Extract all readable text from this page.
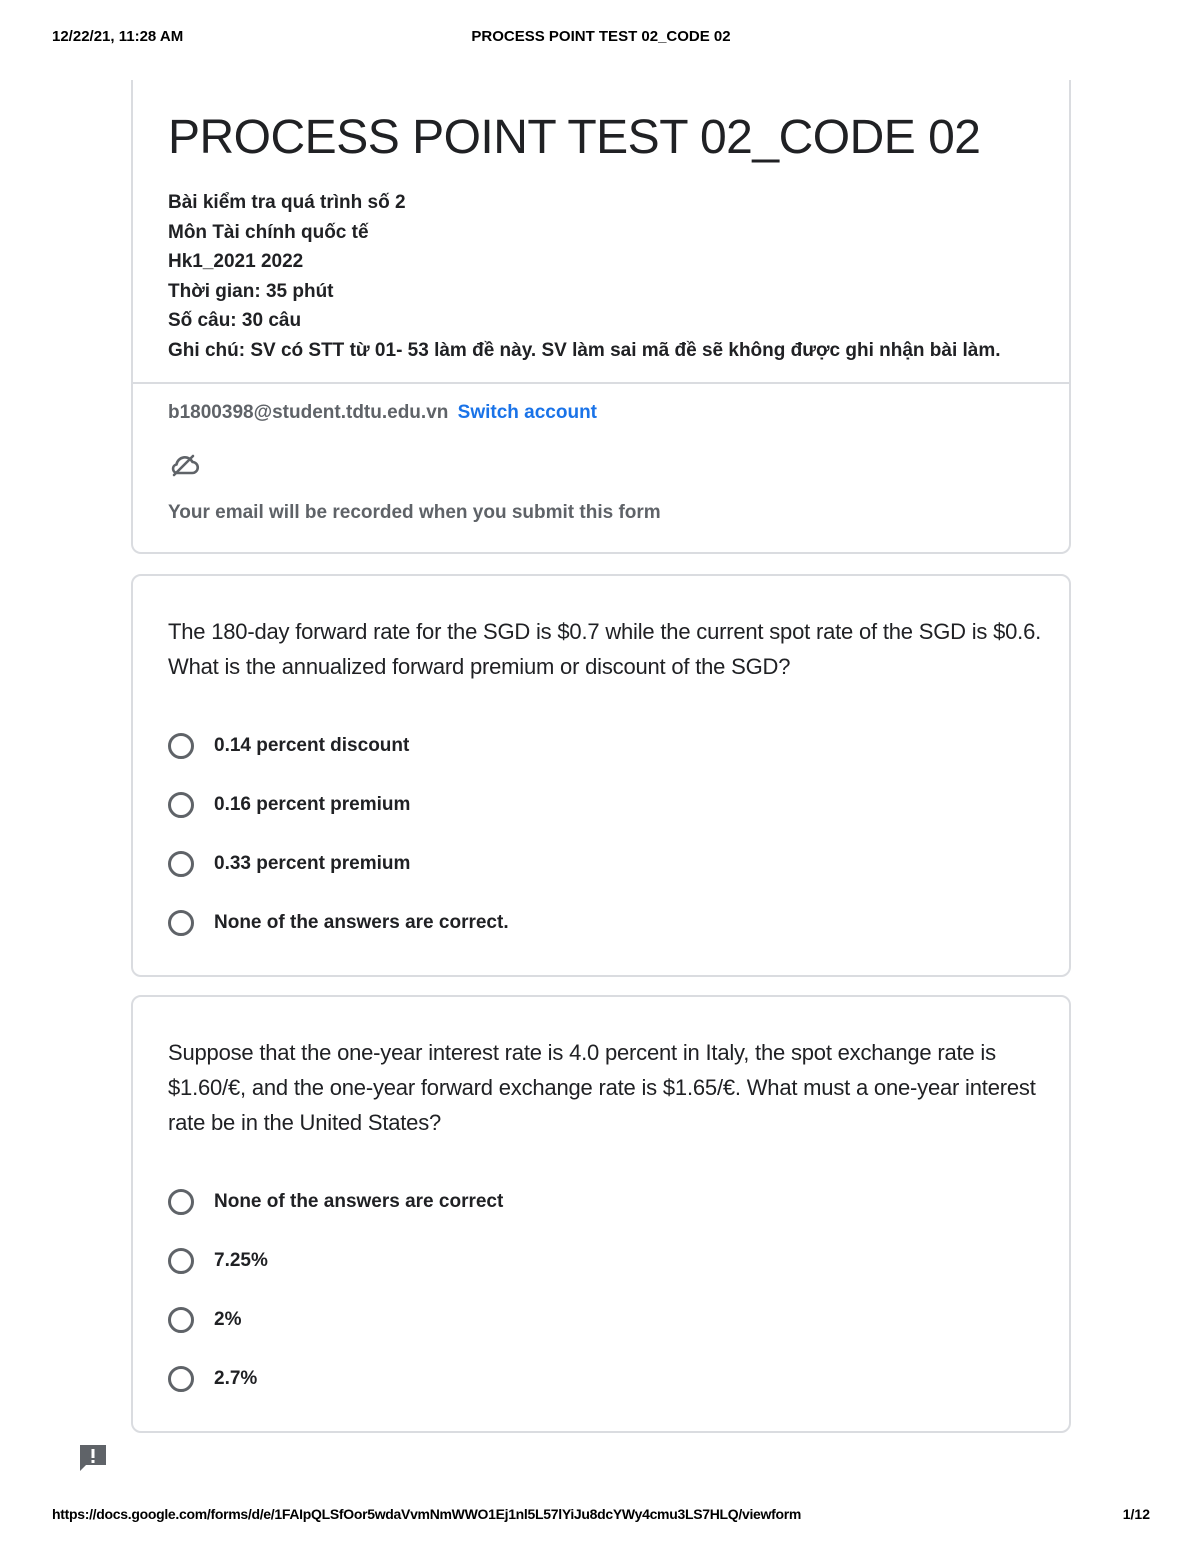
12/22/21, 11:28 AM	PROCESS POINT TEST 02_CODE 02
PROCESS POINT TEST 02_CODE 02
Bài kiểm tra quá trình số 2
Môn Tài chính quốc tế
Hk1_2021 2022
Thời gian: 35 phút
Số câu: 30 câu
Ghi chú: SV có STT từ 01- 53 làm đề này. SV làm sai mã đề sẽ không được ghi nhận bài làm.
b1800398@student.tdtu.edu.vn Switch account
Your email will be recorded when you submit this form
The 180-day forward rate for the SGD is $0.7 while the current spot rate of the SGD is $0.6. What is the annualized forward premium or discount of the SGD?
0.14 percent discount
0.16 percent premium
0.33 percent premium
None of the answers are correct.
Suppose that the one-year interest rate is 4.0 percent in Italy, the spot exchange rate is $1.60/€, and the one-year forward exchange rate is $1.65/€. What must a one-year interest rate be in the United States?
None of the answers are correct
7.25%
2%
2.7%
https://docs.google.com/forms/d/e/1FAIpQLSfOor5wdaVvmNmWWO1Ej1nl5L57lYiJu8dcYWy4cmu3LS7HLQ/viewform	1/12
